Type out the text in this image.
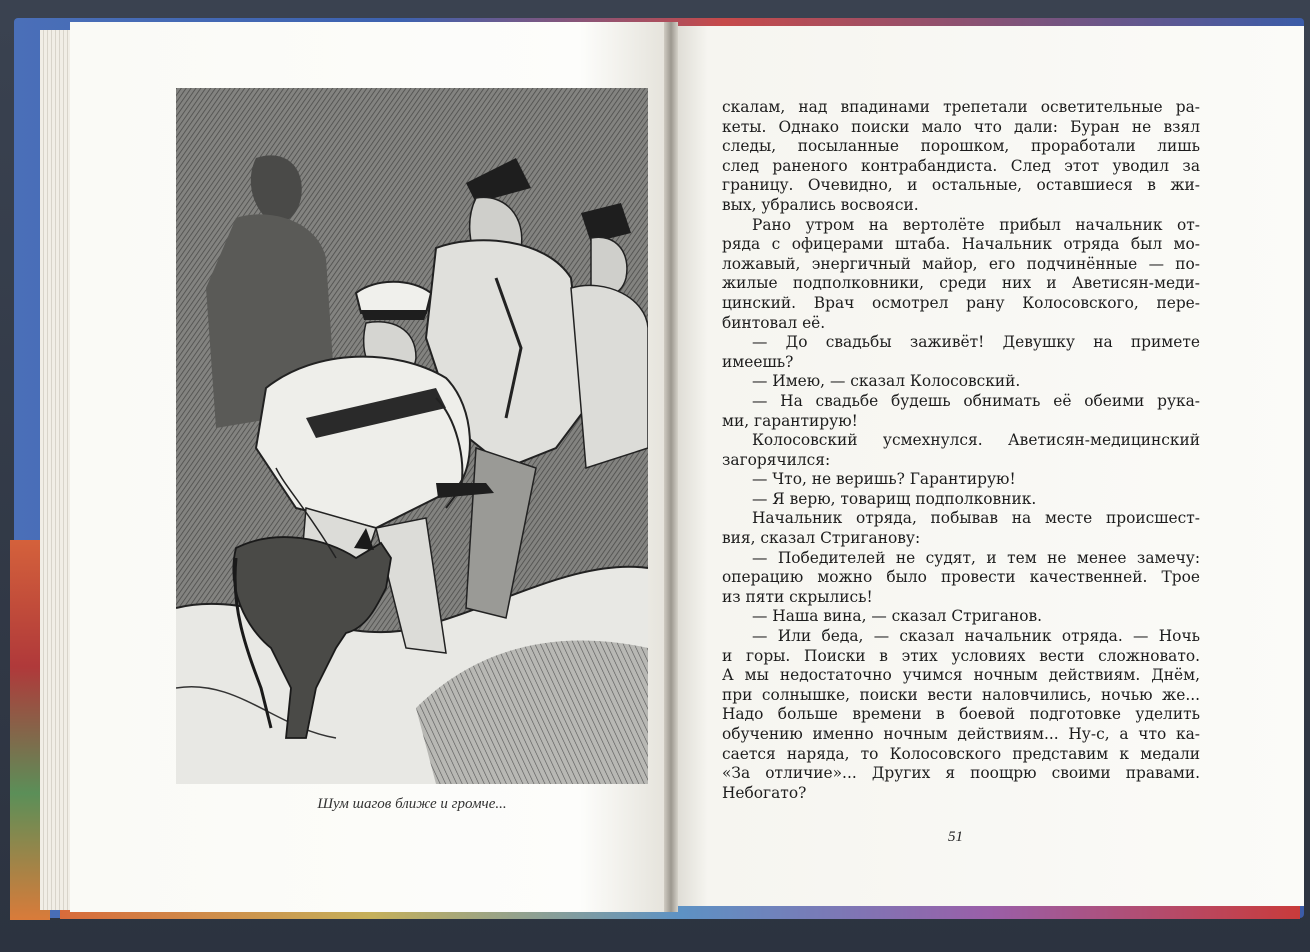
Шум шагов ближе и громче...
скалам, над впадинами трепетали осветительные ра-
кеты. Однако поиски мало что дали: Буран не взял
следы, посыланные порошком, проработали лишь
след раненого контрабандиста. След этот уводил за
границу. Очевидно, и остальные, оставшиеся в жи-
вых, убрались восвояси.
Рано утром на вертолёте прибыл начальник от-
ряда с офицерами штаба. Начальник отряда был мо-
ложавый, энергичный майор, его подчинённые — по-
жилые подполковники, среди них и Аветисян-меди-
цинский. Врач осмотрел рану Колосовского, пере-
бинтовал её.
— До свадьбы заживёт! Девушку на примете
имеешь?
— Имею, — сказал Колосовский.
— На свадьбе будешь обнимать её обеими рука-
ми, гарантирую!
Колосовский усмехнулся. Аветисян-медицинский
загорячился:
— Что, не веришь? Гарантирую!
— Я верю, товарищ подполковник.
Начальник отряда, побывав на месте происшест-
вия, сказал Стриганову:
— Победителей не судят, и тем не менее замечу:
операцию можно было провести качественней. Трое
из пяти скрылись!
— Наша вина, — сказал Стриганов.
— Или беда, — сказал начальник отряда. — Ночь
и горы. Поиски в этих условиях вести сложновато.
А мы недостаточно учимся ночным действиям. Днём,
при солнышке, поиски вести наловчились, ночью же...
Надо больше времени в боевой подготовке уделить
обучению именно ночным действиям... Ну-с, а что ка-
сается наряда, то Колосовского представим к медали
«За отличие»... Других я поощрю своими правами.
Небогато?
51
